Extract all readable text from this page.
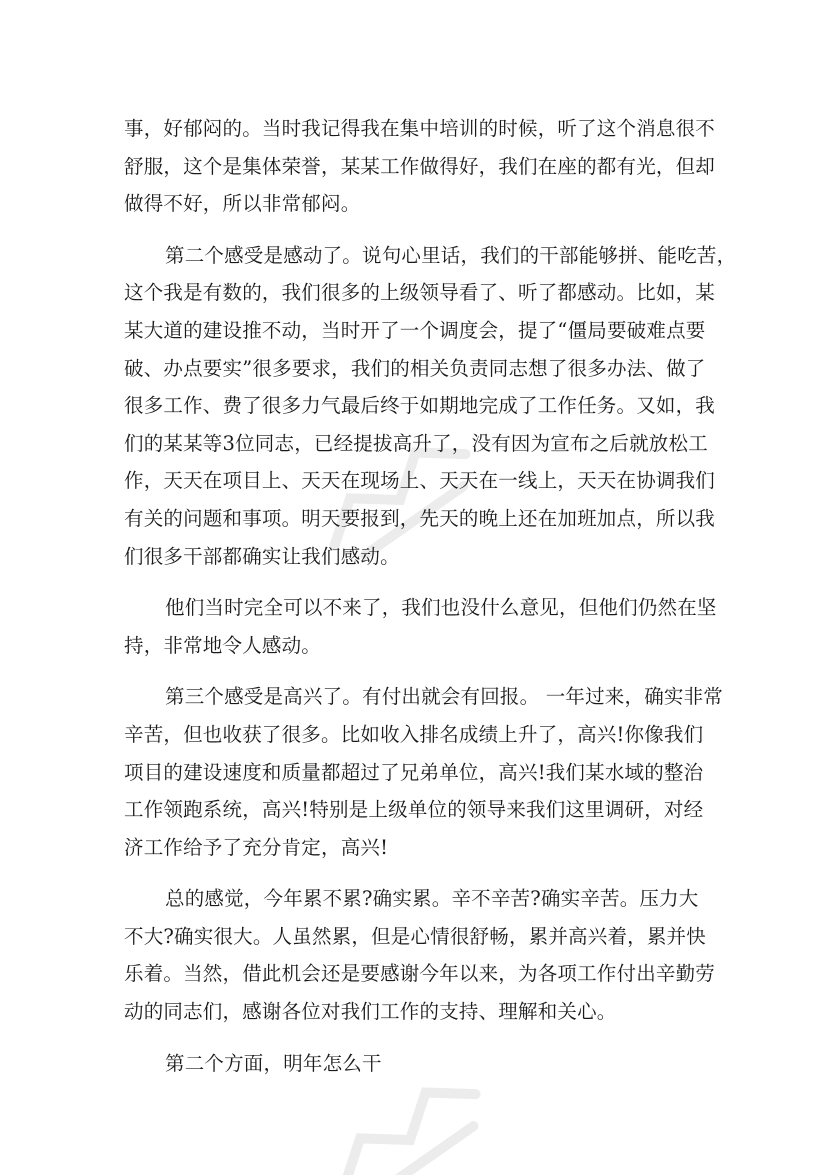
事，好郁闷的。当时我记得我在集中培训的时候，听了这个消息很不
舒服，这个是集体荣誉，某某工作做得好，我们在座的都有光，但却
做得不好，所以非常郁闷。

第二个感受是感动了。说句心里话，我们的干部能够拼、能吃苦，
这个我是有数的，我们很多的上级领导看了、听了都感动。比如，某
某大道的建设推不动，当时开了一个调度会，提了“僵局要破难点要
破、办点要实”很多要求，我们的相关负责同志想了很多办法、做了
很多工作、费了很多力气最后终于如期地完成了工作任务。又如，我
们的某某等3位同志，已经提拔高升了，没有因为宣布之后就放松工
作，天天在项目上、天天在现场上、天天在一线上，天天在协调我们
有关的问题和事项。明天要报到，先天的晚上还在加班加点，所以我
们很多干部都确实让我们感动。

他们当时完全可以不来了，我们也没什么意见，但他们仍然在坚
持，非常地令人感动。

第三个感受是高兴了。有付出就会有回报。 一年过来，确实非常
辛苦，但也收获了很多。比如收入排名成绩上升了，高兴!你像我们
项目的建设速度和质量都超过了兄弟单位，高兴!我们某水域的整治
工作领跑系统，高兴!特别是上级单位的领导来我们这里调研，对经
济工作给予了充分肯定，高兴!

总的感觉，今年累不累?确实累。辛不辛苦?确实辛苦。压力大
不大?确实很大。人虽然累，但是心情很舒畅，累并高兴着，累并快
乐着。当然，借此机会还是要感谢今年以来，为各项工作付出辛勤劳
动的同志们，感谢各位对我们工作的支持、理解和关心。

第二个方面，明年怎么干
